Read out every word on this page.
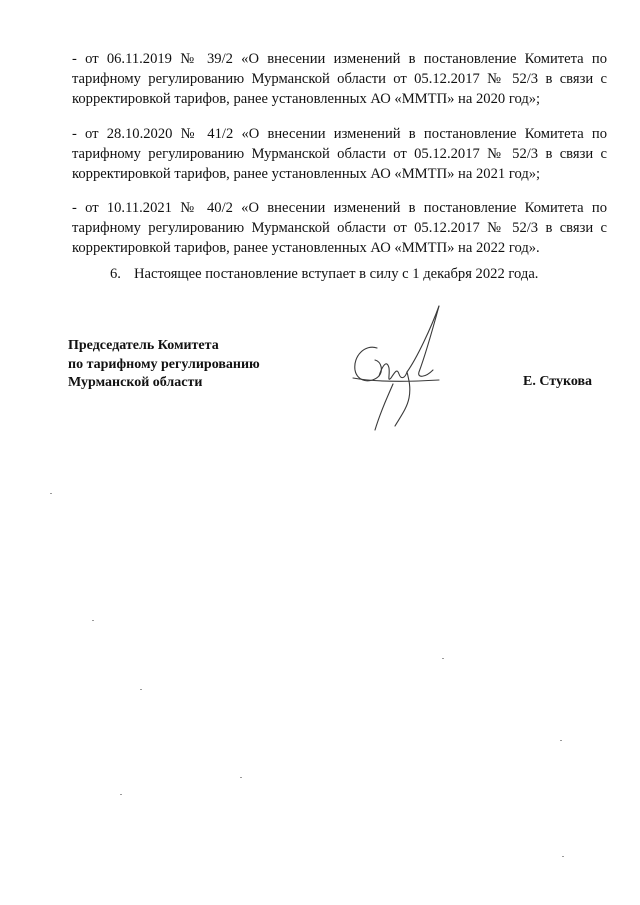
- от 06.11.2019 № 39/2 «О внесении изменений в постановление Комитета по тарифному регулированию Мурманской области от 05.12.2017 № 52/3 в связи с корректировкой тарифов, ранее установленных АО «ММТП» на 2020 год»;
- от 28.10.2020 № 41/2 «О внесении изменений в постановление Комитета по тарифному регулированию Мурманской области от 05.12.2017 № 52/3 в связи с корректировкой тарифов, ранее установленных АО «ММТП» на 2021 год»;
- от 10.11.2021 № 40/2 «О внесении изменений в постановление Комитета по тарифному регулированию Мурманской области от 05.12.2017 № 52/3 в связи с корректировкой тарифов, ранее установленных АО «ММТП» на 2022 год».
6. Настоящее постановление вступает в силу с 1 декабря 2022 года.
Председатель Комитета
по тарифному регулированию
Мурманской области	Е. Стукова
